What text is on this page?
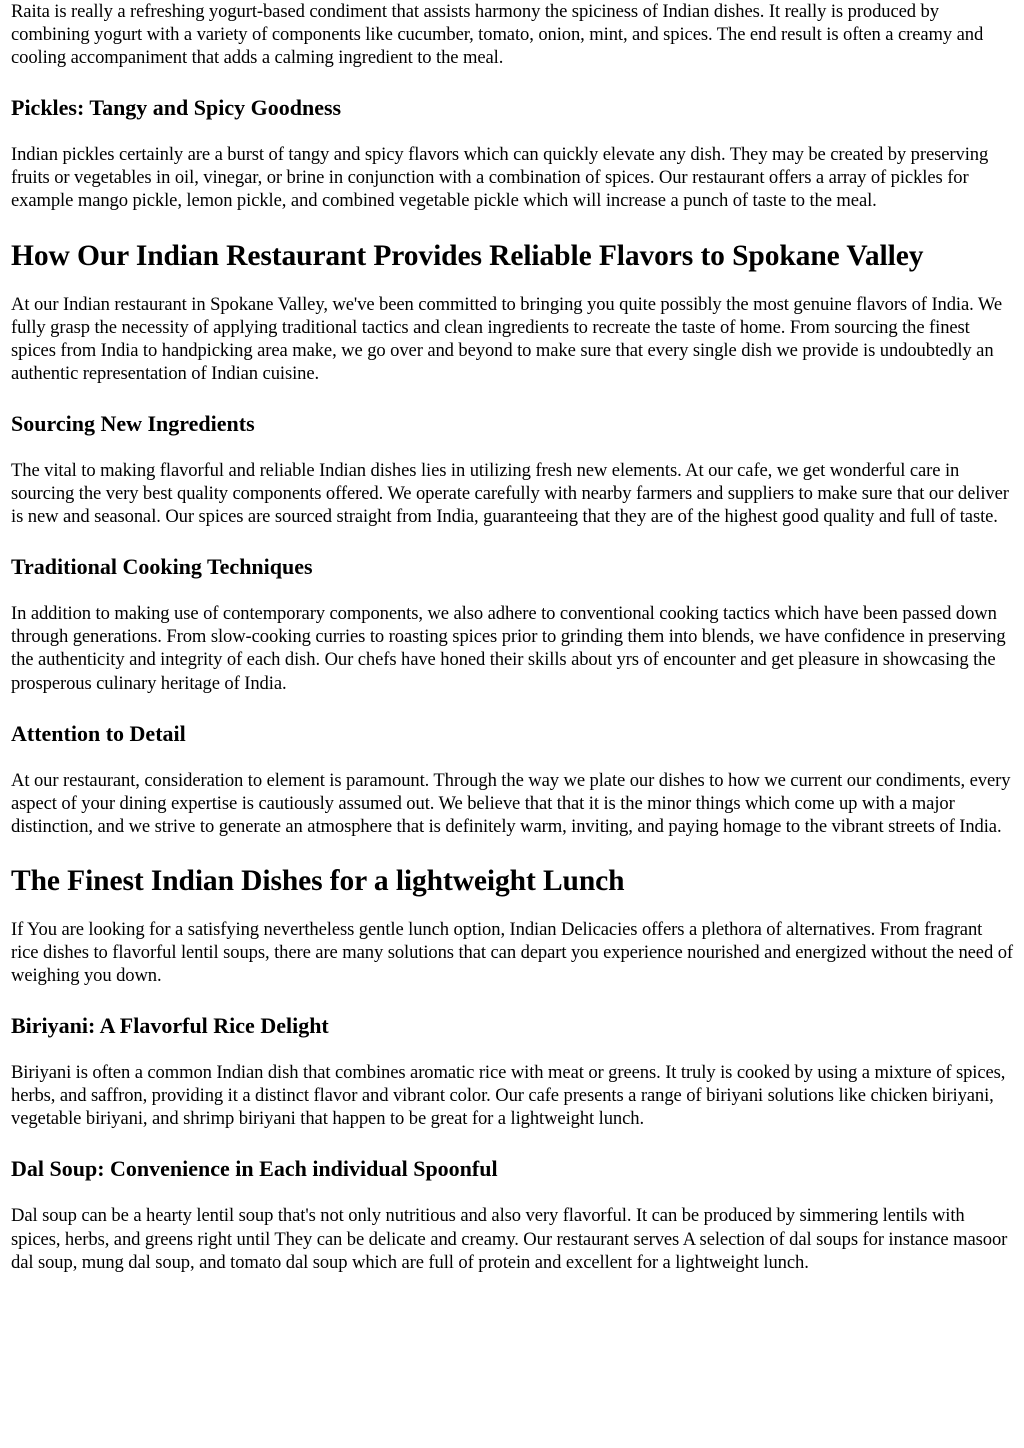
Raita is really a refreshing yogurt-based condiment that assists harmony the spiciness of Indian dishes. It really is produced by combining yogurt with a variety of components like cucumber, tomato, onion, mint, and spices. The end result is often a creamy and cooling accompaniment that adds a calming ingredient to the meal.

Pickles: Tangy and Spicy Goodness

Indian pickles certainly are a burst of tangy and spicy flavors which can quickly elevate any dish. They may be created by preserving fruits or vegetables in oil, vinegar, or brine in conjunction with a combination of spices. Our restaurant offers a array of pickles for example mango pickle, lemon pickle, and combined vegetable pickle which will increase a punch of taste to the meal.

How Our Indian Restaurant Provides Reliable Flavors to Spokane Valley

At our Indian restaurant in Spokane Valley, we've been committed to bringing you quite possibly the most genuine flavors of India. We fully grasp the necessity of applying traditional tactics and clean ingredients to recreate the taste of home. From sourcing the finest spices from India to handpicking area make, we go over and beyond to make sure that every single dish we provide is undoubtedly an authentic representation of Indian cuisine.

Sourcing New Ingredients

The vital to making flavorful and reliable Indian dishes lies in utilizing fresh new elements. At our cafe, we get wonderful care in sourcing the very best quality components offered. We operate carefully with nearby farmers and suppliers to make sure that our deliver is new and seasonal. Our spices are sourced straight from India, guaranteeing that they are of the highest good quality and full of taste.

Traditional Cooking Techniques

In addition to making use of contemporary components, we also adhere to conventional cooking tactics which have been passed down through generations. From slow-cooking curries to roasting spices prior to grinding them into blends, we have confidence in preserving the authenticity and integrity of each dish. Our chefs have honed their skills about yrs of encounter and get pleasure in showcasing the prosperous culinary heritage of India.

Attention to Detail

At our restaurant, consideration to element is paramount. Through the way we plate our dishes to how we current our condiments, every aspect of your dining expertise is cautiously assumed out. We believe that that it is the minor things which come up with a major distinction, and we strive to generate an atmosphere that is definitely warm, inviting, and paying homage to the vibrant streets of India.

The Finest Indian Dishes for a lightweight Lunch

If You are looking for a satisfying nevertheless gentle lunch option, Indian Delicacies offers a plethora of alternatives. From fragrant rice dishes to flavorful lentil soups, there are many solutions that can depart you experience nourished and energized without the need of weighing you down.

Biriyani: A Flavorful Rice Delight

Biriyani is often a common Indian dish that combines aromatic rice with meat or greens. It truly is cooked by using a mixture of spices, herbs, and saffron, providing it a distinct flavor and vibrant color. Our cafe presents a range of biriyani solutions like chicken biriyani, vegetable biriyani, and shrimp biriyani that happen to be great for a lightweight lunch.

Dal Soup: Convenience in Each individual Spoonful

Dal soup can be a hearty lentil soup that's not only nutritious and also very flavorful. It can be produced by simmering lentils with spices, herbs, and greens right until They can be delicate and creamy. Our restaurant serves A selection of dal soups for instance masoor dal soup, mung dal soup, and tomato dal soup which are full of protein and excellent for a lightweight lunch.
